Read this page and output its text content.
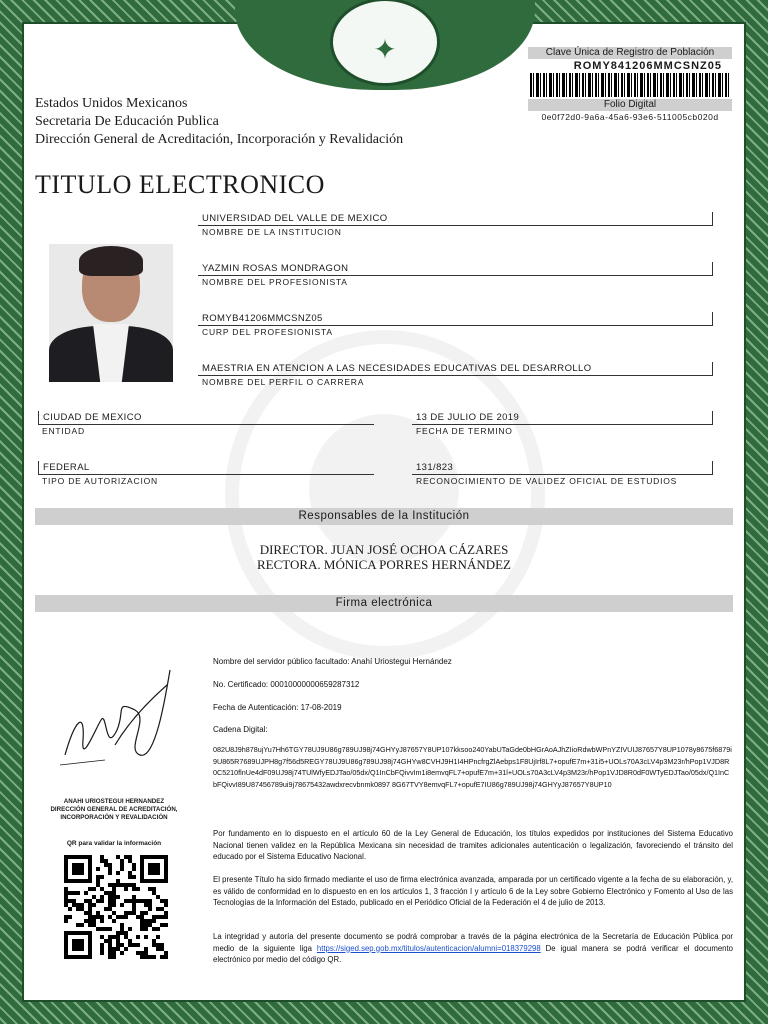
✦
Estados Unidos Mexicanos
Secretaria De Educación Publica
Dirección General de Acreditación, Incorporación y Revalidación
Clave Única de Registro de Población
ROMY841206MMCSNZ05
Folio Digital
0e0f72d0-9a6a-45a6-93e6-511005cb020d
TITULO ELECTRONICO
UNIVERSIDAD DEL VALLE DE MEXICO
NOMBRE DE LA INSTITUCION
YAZMIN ROSAS MONDRAGON
NOMBRE DEL PROFESIONISTA
ROMYB41206MMCSNZ05
CURP DEL PROFESIONISTA
MAESTRIA EN ATENCION A LAS NECESIDADES EDUCATIVAS DEL DESARROLLO
NOMBRE DEL PERFIL O CARRERA
CIUDAD DE MEXICO
ENTIDAD
13 DE JULIO DE 2019
FECHA DE TERMINO
FEDERAL
TIPO DE AUTORIZACION
131/823
RECONOCIMIENTO DE VALIDEZ OFICIAL DE ESTUDIOS
Responsables de la Institución
DIRECTOR. JUAN JOSÉ OCHOA CÁZARES
RECTORA. MÓNICA PORRES HERNÁNDEZ
Firma electrónica
ANAHI URIOSTEGUI HERNANDEZ
DIRECCIÓN GENERAL DE ACREDITACIÓN,
INCORPORACIÓN Y REVALIDACIÓN
QR para validar la información
Nombre del servidor público facultado: Anahí Uriostegui Hernández
No. Certificado: 00010000000659287312
Fecha de Autenticación: 17-08-2019
Cadena Digital:
082U8J9h878ujYu7Hh6TGY78UJ9U86g789UJ98j74GHYyJ87657Y8UP107kksoo240YabUTaGde0bHGrAoAJhZIioRdwbWPnYZIVUIJ87657Y8UP1078y8675f6879i9U865R7689UJPH8g7f56d5REGY78UJ9U86g789UJ98j74GHYw8CVHJ9H1I4HPncfrgZlAebps1F8UjIrf8L7+opufE7m+31i5+UOLs70A3cLV4p3M23r/hPop1VJD8R0C5210flnUe4dF09UJ98j74TUlWfyEDJTao/05dx/Q1InCbFQivvIm1i8emvqFL7+opufE7m+31l+UOLs70A3cLV4p3M23r/hPop1VJD8R0dF0WTyEDJTao/05dx/Q1InCbFQivvI89U87456789ui9j78675432awdxrecvbnmk0897 8G67TVY8emvqFL7+opufE7IU86g789UJ98j74GHYyJ87657Y8UP10
Por fundamento en lo dispuesto en el artículo 60 de la Ley General de Educación, los títulos expedidos por instituciones del Sistema Educativo Nacional tienen validez en la República Mexicana sin necesidad de tramites adicionales autenticación o legalización, favoreciendo el tránsito del educado por el Sistema Educativo Nacional.
El presente Título ha sido firmado mediante el uso de firma electrónica avanzada, amparada por un certificado vigente a la fecha de su elaboración, y, es válido de conformidad en lo dispuesto en en los artículos 1, 3 fracción I y artículo 6 de la Ley sobre Gobierno Electrónico y Fomento al Uso de las Tecnologías de la Información del Estado, publicado en el Periódico Oficial de la Federación el 4 de julio de 2013.
La integridad y autoría del presente documento se podrá comprobar a través de la página electrónica de la Secretaría de Educación Pública por medio de la siguiente liga https://siged.sep.gob.mx/titulos/autenticacion/alumni=018379298 De igual manera se podrá verificar el documento electrónico por medio del código QR.
